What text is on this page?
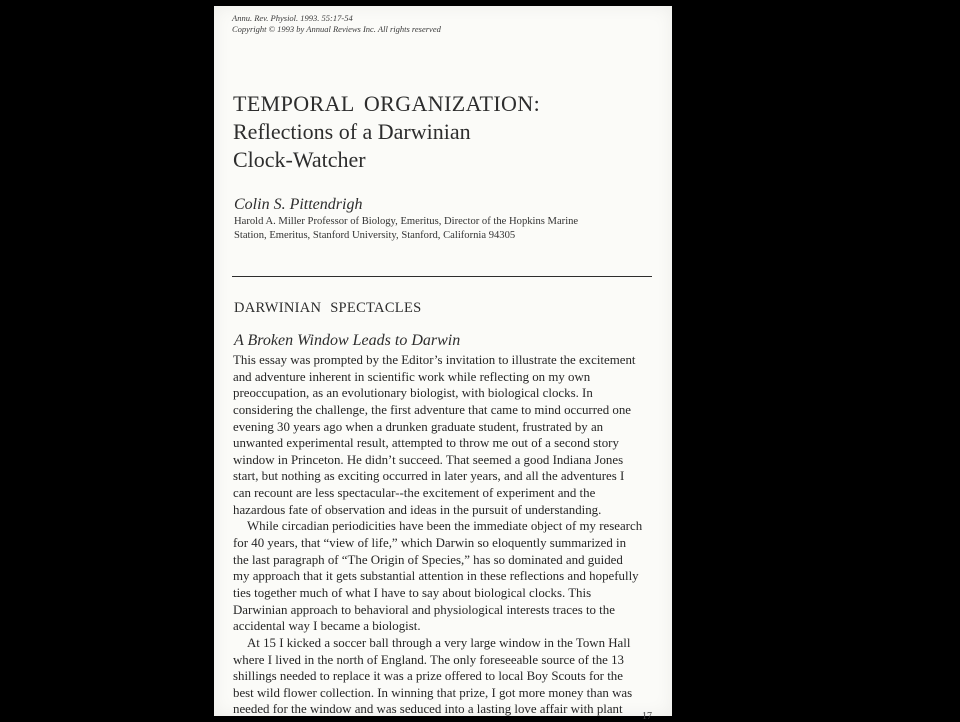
Annu. Rev. Physiol. 1993. 55:17-54
Copyright © 1993 by Annual Reviews Inc. All rights reserved
TEMPORAL ORGANIZATION:
Reflections of a Darwinian
Clock-Watcher
Colin S. Pittendrigh
Harold A. Miller Professor of Biology, Emeritus, Director of the Hopkins Marine
Station, Emeritus, Stanford University, Stanford, California 94305
DARWINIAN SPECTACLES
A Broken Window Leads to Darwin
This essay was prompted by the Editor’s invitation to illustrate the excitement
and adventure inherent in scientific work while reflecting on my own
preoccupation, as an evolutionary biologist, with biological clocks. In
considering the challenge, the first adventure that came to mind occurred one
evening 30 years ago when a drunken graduate student, frustrated by an
unwanted experimental result, attempted to throw me out of a second story
window in Princeton. He didn’t succeed. That seemed a good Indiana Jones
start, but nothing as exciting occurred in later years, and all the adventures I
can recount are less spectacular--the excitement of experiment and the
hazardous fate of observation and ideas in the pursuit of understanding.
While circadian periodicities have been the immediate object of my research
for 40 years, that “view of life,” which Darwin so eloquently summarized in
the last paragraph of “The Origin of Species,” has so dominated and guided
my approach that it gets substantial attention in these reflections and hopefully
ties together much of what I have to say about biological clocks. This
Darwinian approach to behavioral and physiological interests traces to the
accidental way I became a biologist.
At 15 I kicked a soccer ball through a very large window in the Town Hall
where I lived in the north of England. The only foreseeable source of the 13
shillings needed to replace it was a prize offered to local Boy Scouts for the
best wild flower collection. In winning that prize, I got more money than was
needed for the window and was seduced into a lasting love affair with plant
17
